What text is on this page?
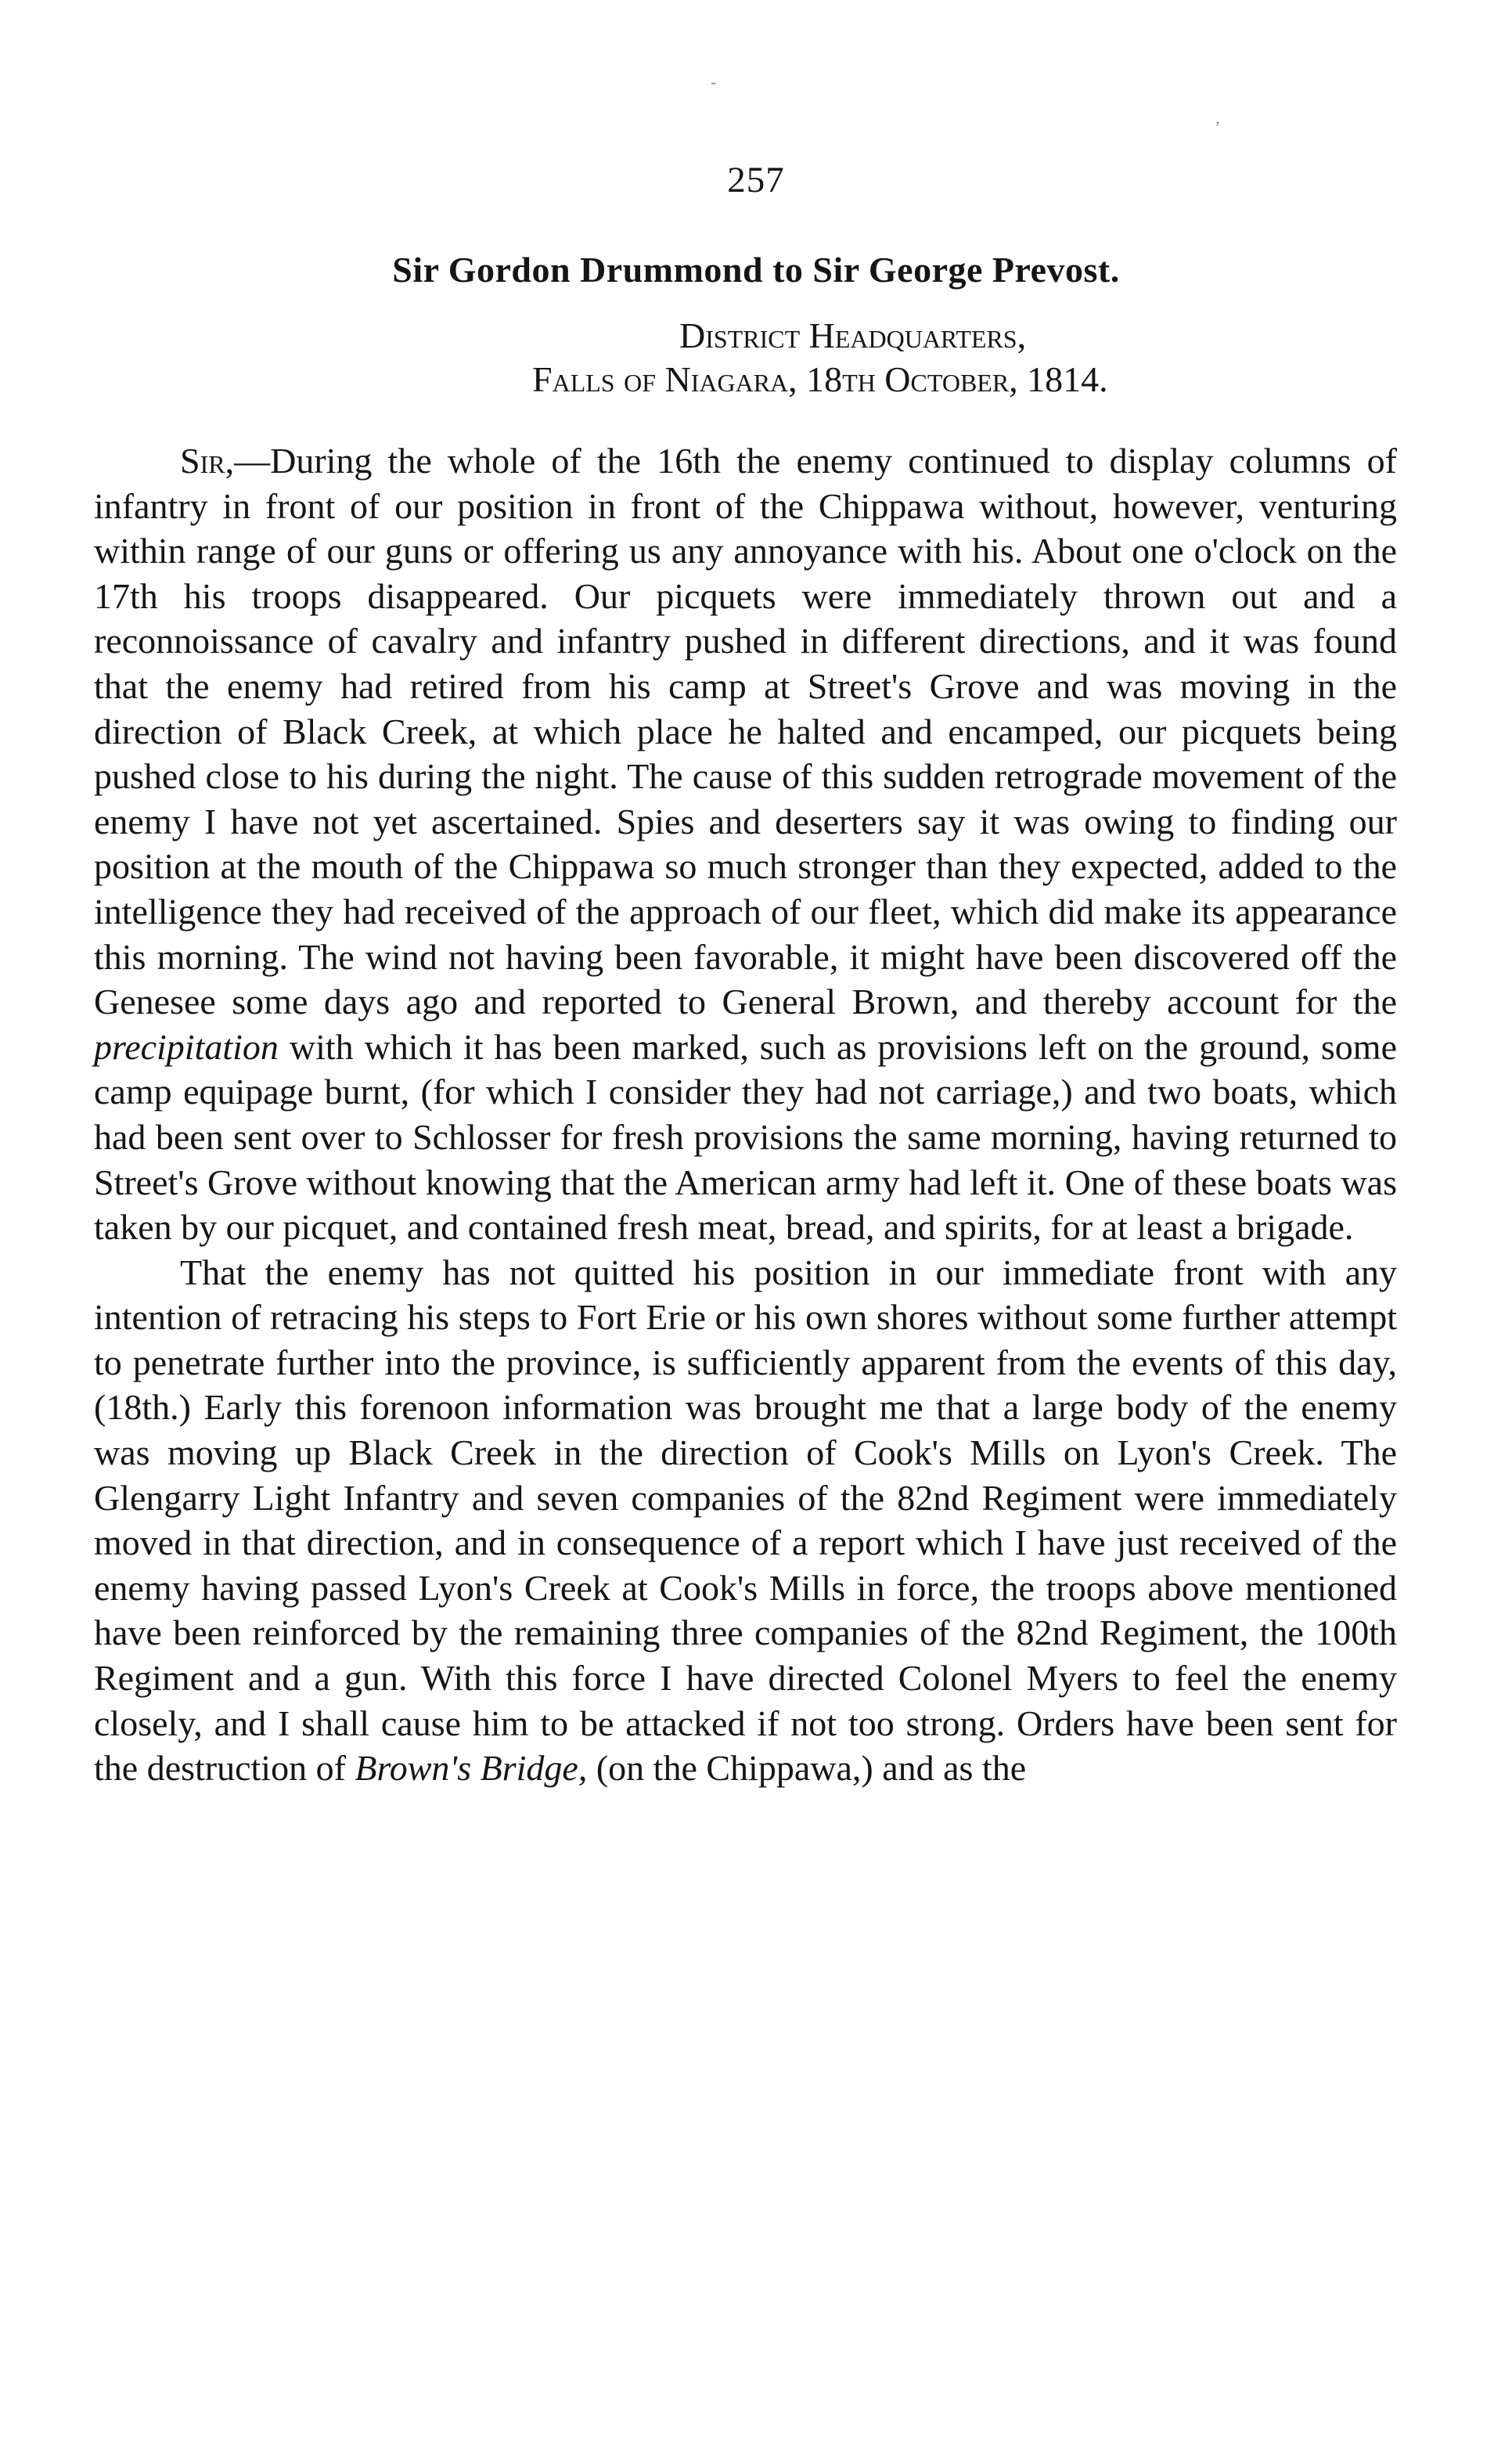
257
Sir Gordon Drummond to Sir George Prevost.
District Headquarters,
Falls of Niagara, 18th October, 1814.

Sir,—During the whole of the 16th the enemy continued to display columns of infantry in front of our position in front of the Chippawa without, however, venturing within range of our guns or offering us any annoyance with his. About one o'clock on the 17th his troops disappeared. Our picquets were immediately thrown out and a reconnoissance of cavalry and infantry pushed in different directions, and it was found that the enemy had retired from his camp at Street's Grove and was moving in the direction of Black Creek, at which place he halted and encamped, our picquets being pushed close to his during the night. The cause of this sudden retrograde movement of the enemy I have not yet ascertained. Spies and deserters say it was owing to finding our position at the mouth of the Chippawa so much stronger than they expected, added to the intelligence they had received of the approach of our fleet, which did make its appearance this morning. The wind not having been favorable, it might have been discovered off the Genesee some days ago and reported to General Brown, and thereby account for the precipitation with which it has been marked, such as provisions left on the ground, some camp equipage burnt, (for which I consider they had not carriage,) and two boats, which had been sent over to Schlosser for fresh provisions the same morning, having returned to Street's Grove without knowing that the American army had left it. One of these boats was taken by our picquet, and contained fresh meat, bread, and spirits, for at least a brigade.

That the enemy has not quitted his position in our immediate front with any intention of retracing his steps to Fort Erie or his own shores without some further attempt to penetrate further into the province, is sufficiently apparent from the events of this day, (18th.) Early this forenoon information was brought me that a large body of the enemy was moving up Black Creek in the direction of Cook's Mills on Lyon's Creek. The Glengarry Light Infantry and seven companies of the 82nd Regiment were immediately moved in that direction, and in consequence of a report which I have just received of the enemy having passed Lyon's Creek at Cook's Mills in force, the troops above mentioned have been reinforced by the remaining three companies of the 82nd Regiment, the 100th Regiment and a gun. With this force I have directed Colonel Myers to feel the enemy closely, and I shall cause him to be attacked if not too strong. Orders have been sent for the destruction of Brown's Bridge, (on the Chippawa,) and as the

-
,
